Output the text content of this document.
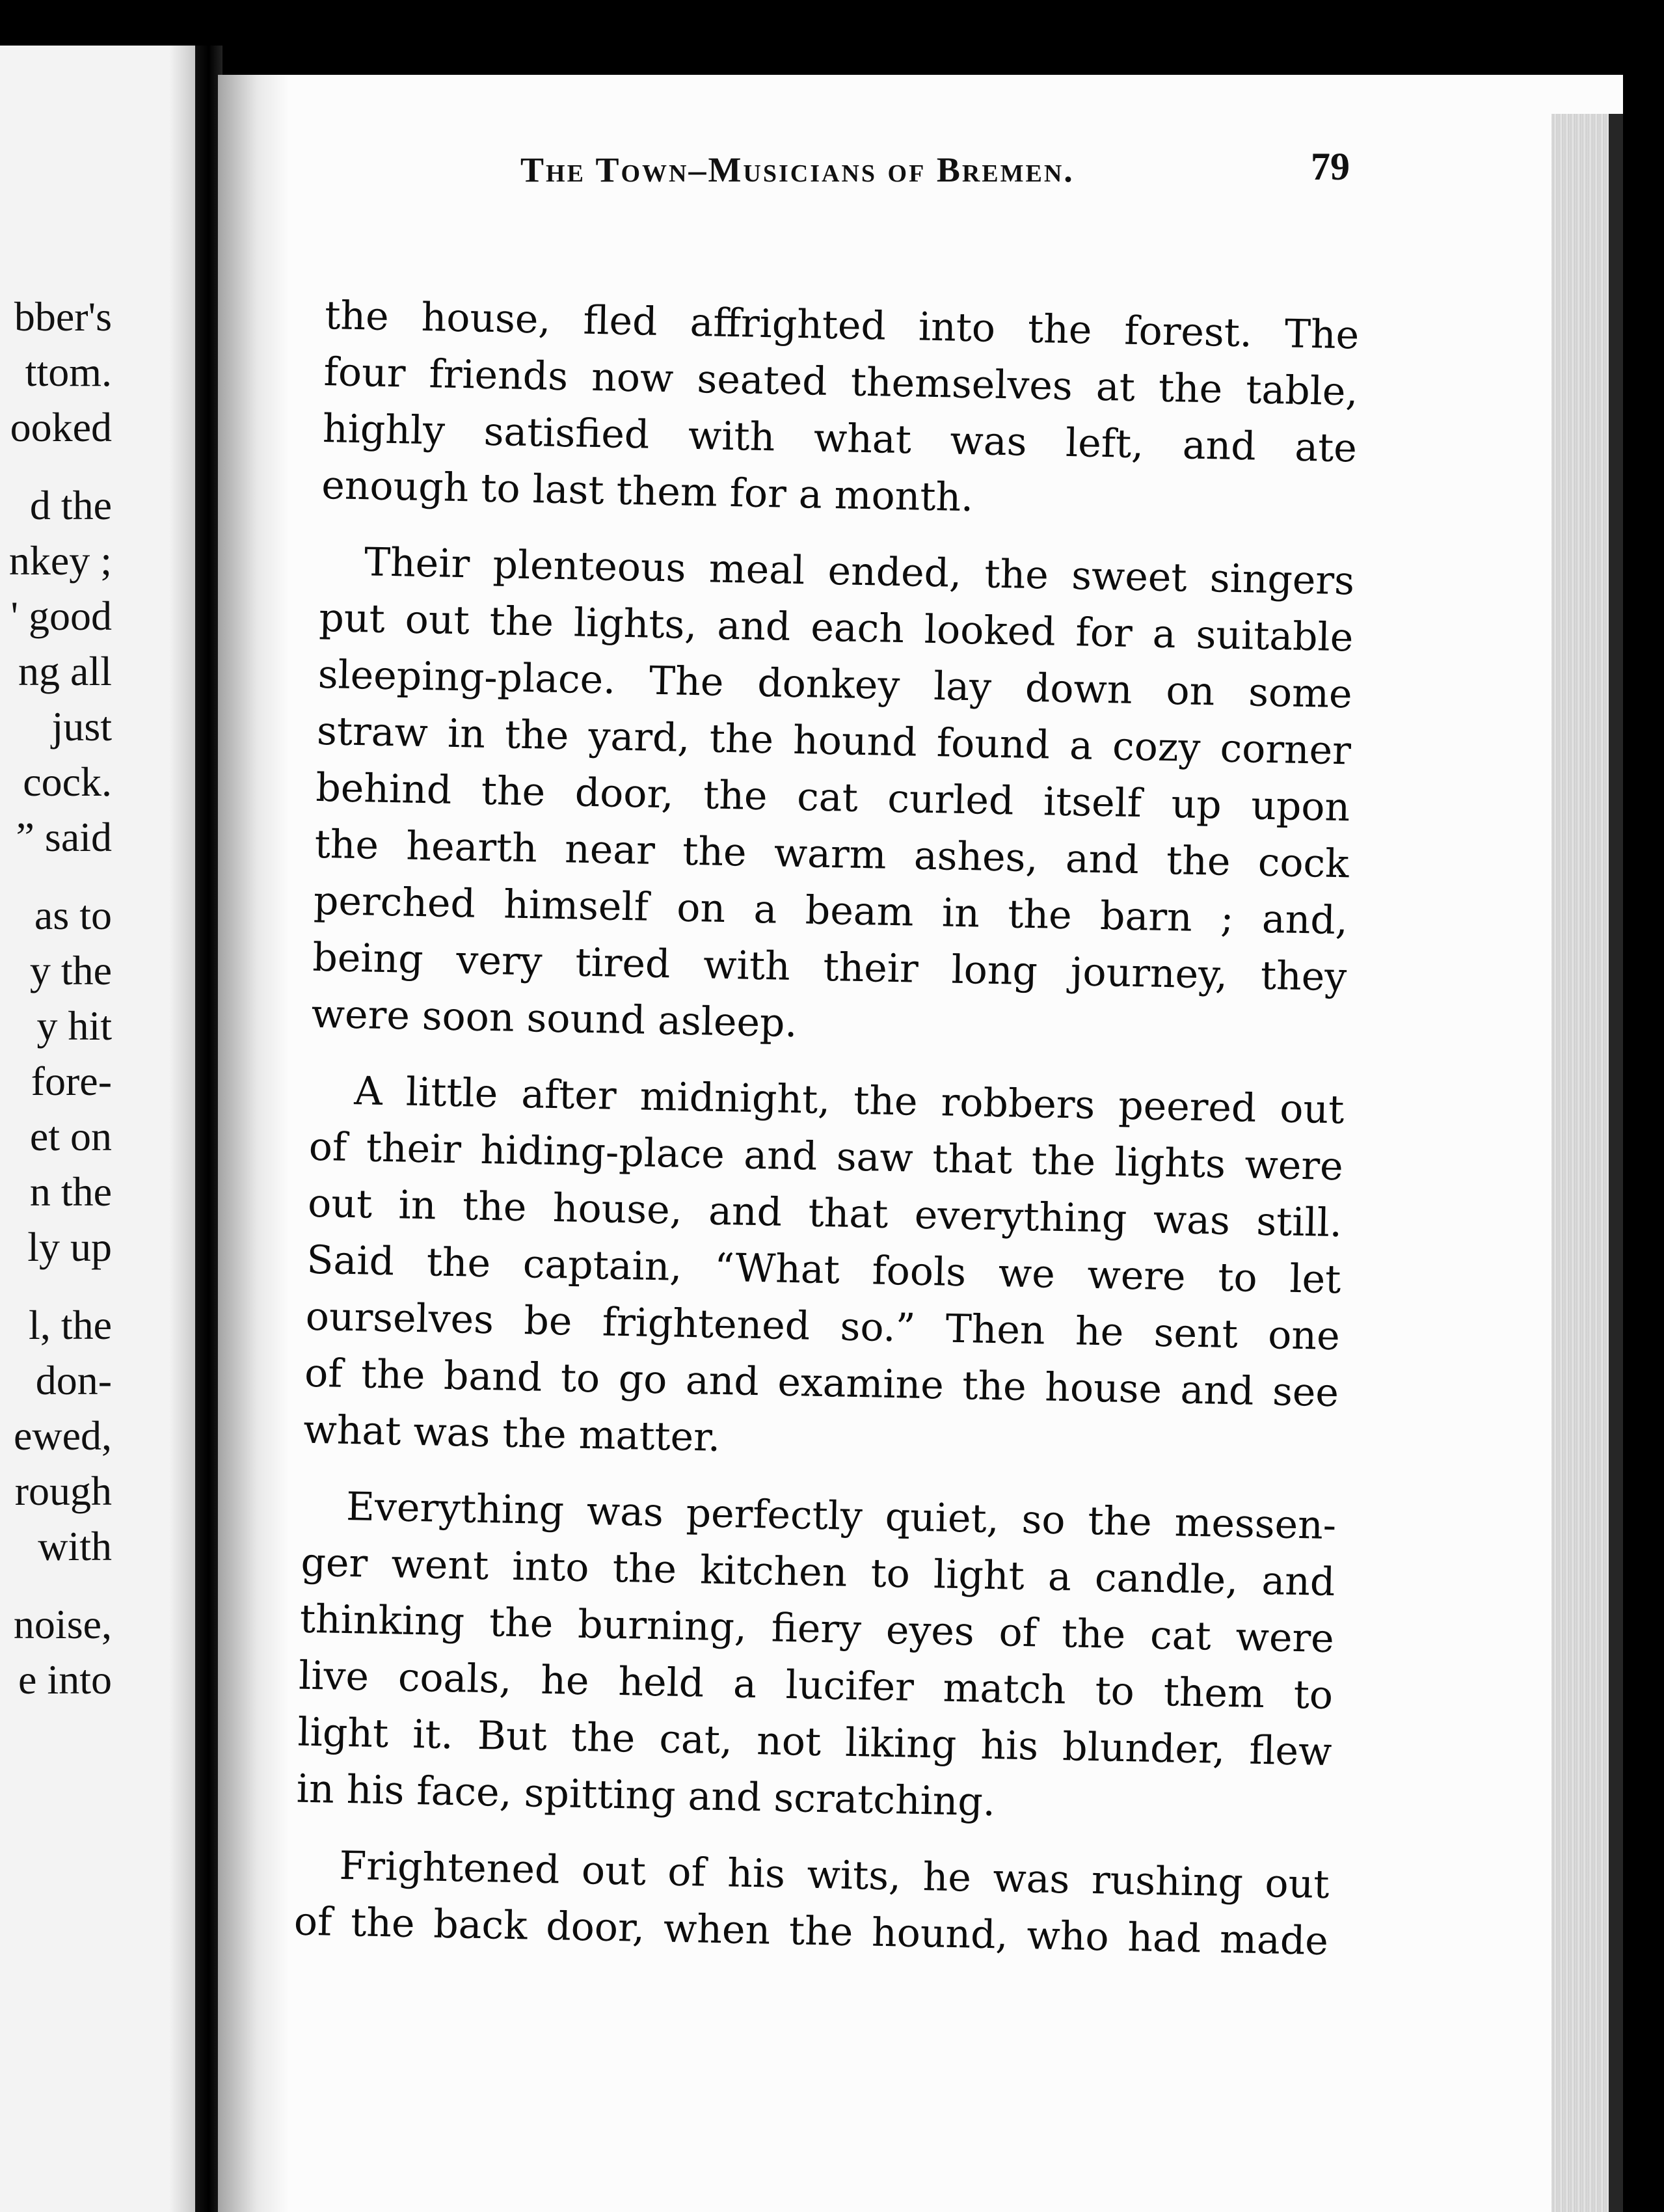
bber's
ttom.
ooked
d the
nkey ;
' good
ng all
just
cock.
” said
as to
y the
y hit
fore-
et on
n the
ly up
l, the
don-
ewed,
rough
with
noise,
e into
The Town–Musicians of Bremen.	79
the house, fled affrighted into the forest. The
four friends now seated themselves at the table,
highly satisfied with what was left, and ate
enough to last them for a month.
Their plenteous meal ended, the sweet singers
put out the lights, and each looked for a suitable
sleeping-place. The donkey lay down on some
straw in the yard, the hound found a cozy corner
behind the door, the cat curled itself up upon
the hearth near the warm ashes, and the cock
perched himself on a beam in the barn ; and,
being very tired with their long journey, they
were soon sound asleep.
A little after midnight, the robbers peered out
of their hiding-place and saw that the lights were
out in the house, and that everything was still.
Said the captain, “What fools we were to let
ourselves be frightened so.” Then he sent one
of the band to go and examine the house and see
what was the matter.
Everything was perfectly quiet, so the messen-
ger went into the kitchen to light a candle, and
thinking the burning, fiery eyes of the cat were
live coals, he held a lucifer match to them to
light it. But the cat, not liking his blunder, flew
in his face, spitting and scratching.
Frightened out of his wits, he was rushing out
of the back door, when the hound, who had made
